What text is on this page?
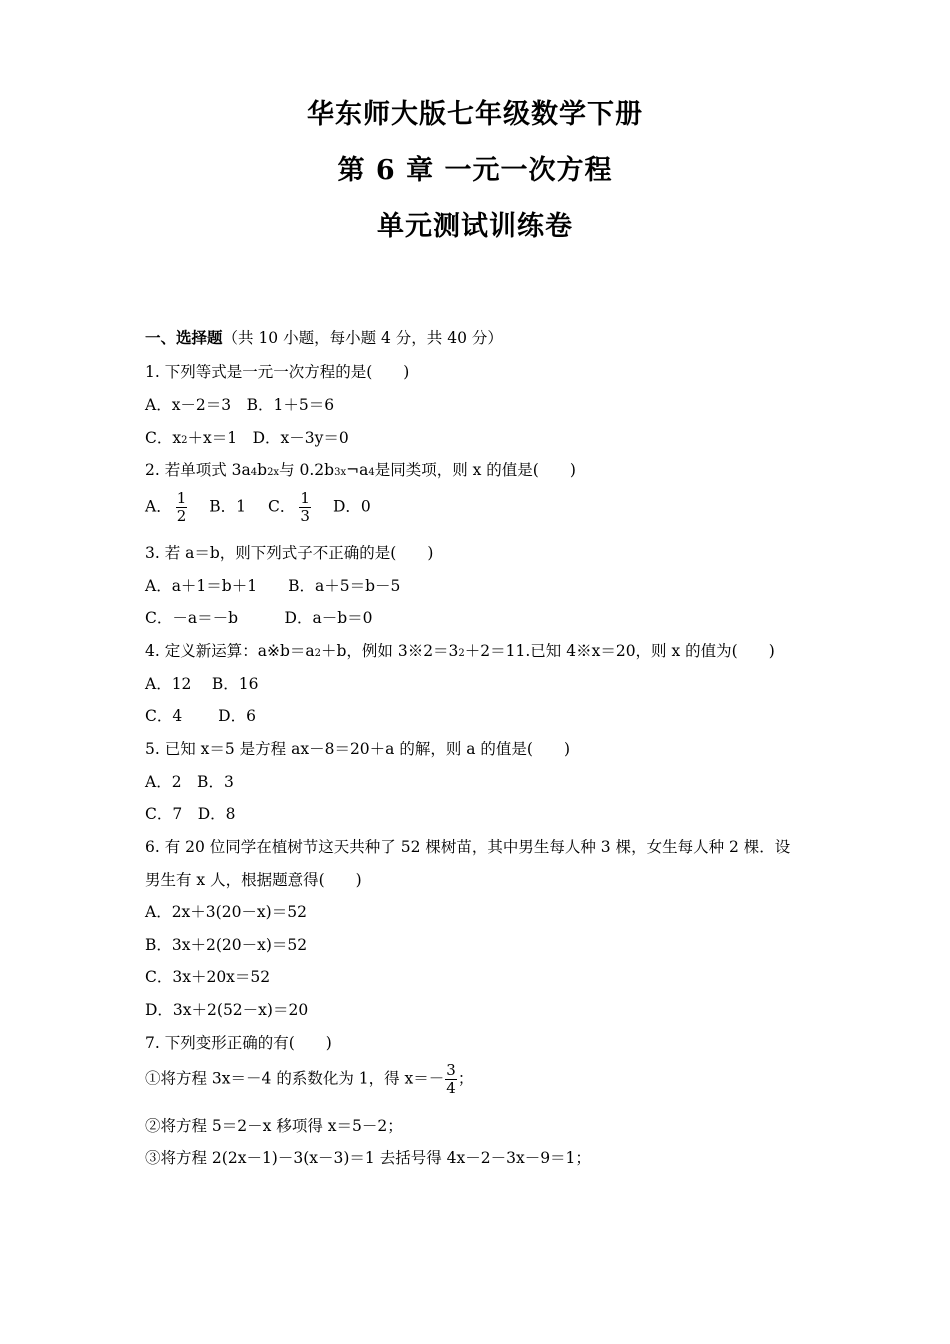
华东师大版七年级数学下册
第 6 章 一元一次方程
单元测试训练卷
一、选择题（共 10 小题，每小题 4 分，共 40 分）
1. 下列等式是一元一次方程的是(　　)
A．x－2＝3　B．1＋5＝6
C．x2＋x＝1　D．x－3y＝0
2. 若单项式 3a4b2x与 0.2b3x¬a4是同类项，则 x 的值是(　　)
A． $\frac{1}{2}$ B．1 C． $\frac{1}{3}$ D．0
3. 若 a＝b，则下列式子不正确的是(　　)
A．a＋1＝b＋1　　B．a＋5＝b－5
C．－a＝－b　　　D．a－b＝0
4. 定义新运算：a※b＝a2＋b，例如 3※2＝32＋2＝11.已知 4※x＝20，则 x 的值为(　　)
A．12　 B．16
C．4　　 D．6
5. 已知 x＝5 是方程 ax－8＝20＋a 的解，则 a 的值是(　　)
A．2　B．3
C．7　D．8
6. 有 20 位同学在植树节这天共种了 52 棵树苗，其中男生每人种 3 棵，女生每人种 2 棵．设
男生有 x 人，根据题意得(　　)
A．2x＋3(20－x)＝52
B．3x＋2(20－x)＝52
C．3x＋20x＝52
D．3x＋2(52－x)＝20
7. 下列变形正确的有(　　)
①将方程 3x＝－4 的系数化为 1，得 $x=- \frac{3}{4}$ ；
②将方程 5＝2－x 移项得 x＝5－2；
③将方程 2(2x－1)－3(x－3)＝1 去括号得 4x－2－3x－9＝1；
